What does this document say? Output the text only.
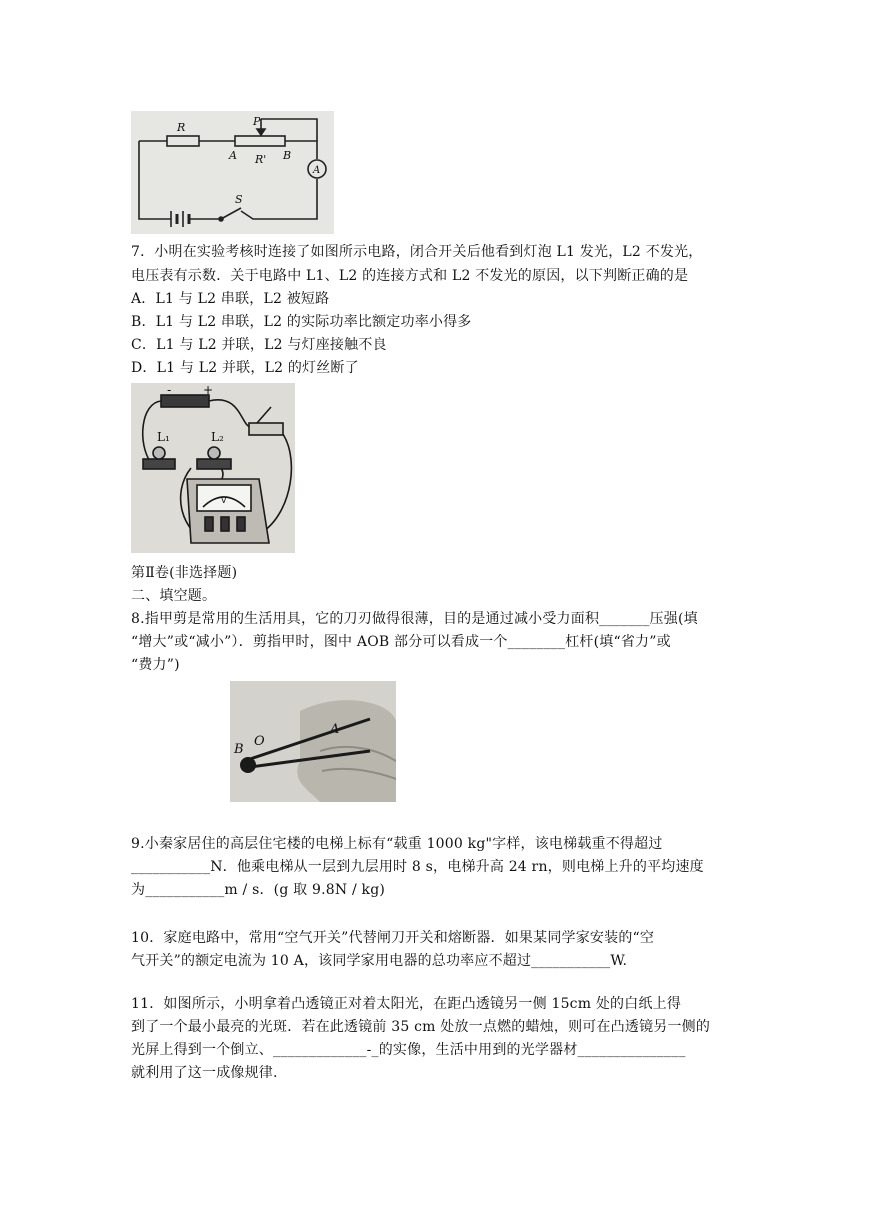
R	P
A R' B
A
S
7．小明在实验考核时连接了如图所示电路，闭合开关后他看到灯泡 L1 发光，L2 不发光，
电压表有示数．关于电路中 L1、L2 的连接方式和 L2 不发光的原因，以下判断正确的是
A．L1 与 L2 串联，L2 被短路
B．L1 与 L2 串联，L2 的实际功率比额定功率小得多
C．L1 与 L2 并联，L2 与灯座接触不良
D．L1 与 L2 并联，L2 的灯丝断了
-	+
L₁	L₂
V
第Ⅱ卷(非选择题)
二、填空题。
8.指甲剪是常用的生活用具，它的刀刃做得很薄，目的是通过减小受力面积_______压强(填
“增大”或“减小”）．剪指甲时，图中 AOB 部分可以看成一个________杠杆(填“省力”或
“费力”)
B
O
A
9.小秦家居住的高层住宅楼的电梯上标有“载重 1000 kg"字样，该电梯载重不得超过
___________N．他乘电梯从一层到九层用时 8 s，电梯升高 24 rn，则电梯上升的平均速度
为___________m / s．(g 取 9.8N / kg)
10．家庭电路中，常用“空气开关”代替闸刀开关和熔断器．如果某同学家安装的“空
气开关”的额定电流为 10 A，该同学家用电器的总功率应不超过___________W.
11．如图所示，小明拿着凸透镜正对着太阳光，在距凸透镜另一侧 15cm 处的白纸上得
到了一个最小最亮的光斑．若在此透镜前 35 cm 处放一点燃的蜡烛，则可在凸透镜另一侧的
光屏上得到一个倒立、_____________-_的实像，生活中用到的光学器材_______________
就利用了这一成像规律.
